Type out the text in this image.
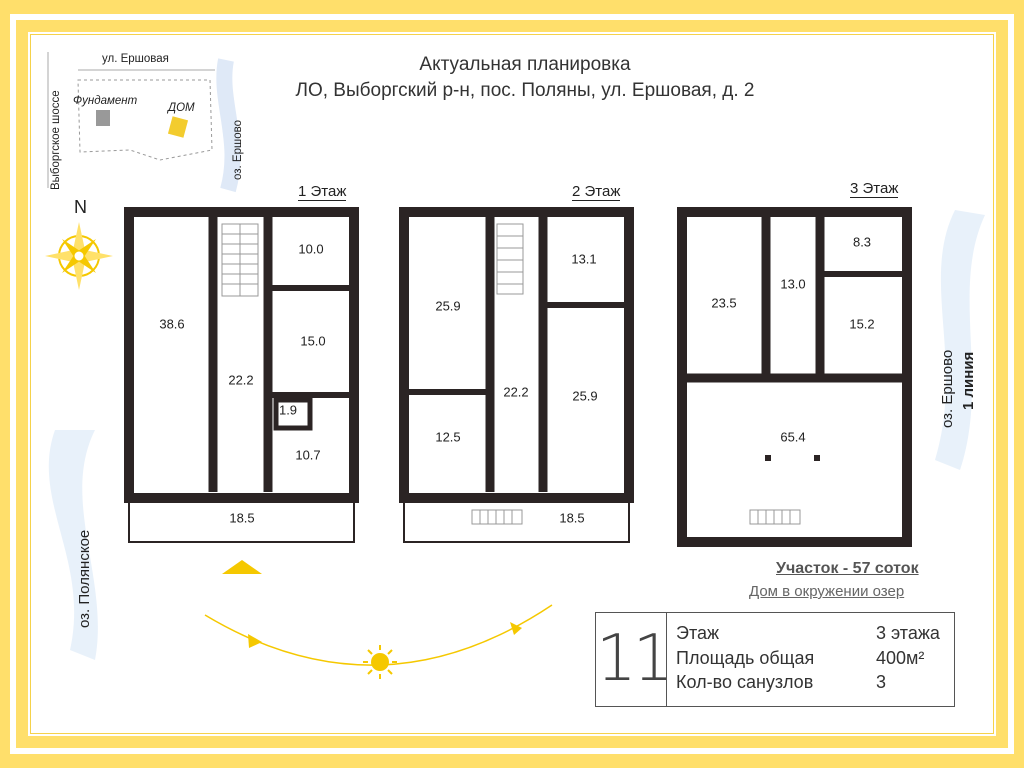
Актуальная планировка
ЛО, Выборгский р-н, пос. Поляны, ул. Ершовая, д. 2
ул. Ершовая
Выборгское шоссе Фундамент
ДОМ
оз. Ершово
N
1 Этаж	2 Этаж	3 Этаж
38.6
22.2
10.0
15.0
1.9
10.7
18.5
25.9
13.1
22.2	25.9
12.5
18.5
23.5
13.0
8.3
15.2
65.4
оз. Полянское
оз. Ершово 1 линия
Участок - 57 соток
Дом в окружении озер
11 Этаж	3 этажа
Площадь общая	400м²
Кол-во санузлов	3
